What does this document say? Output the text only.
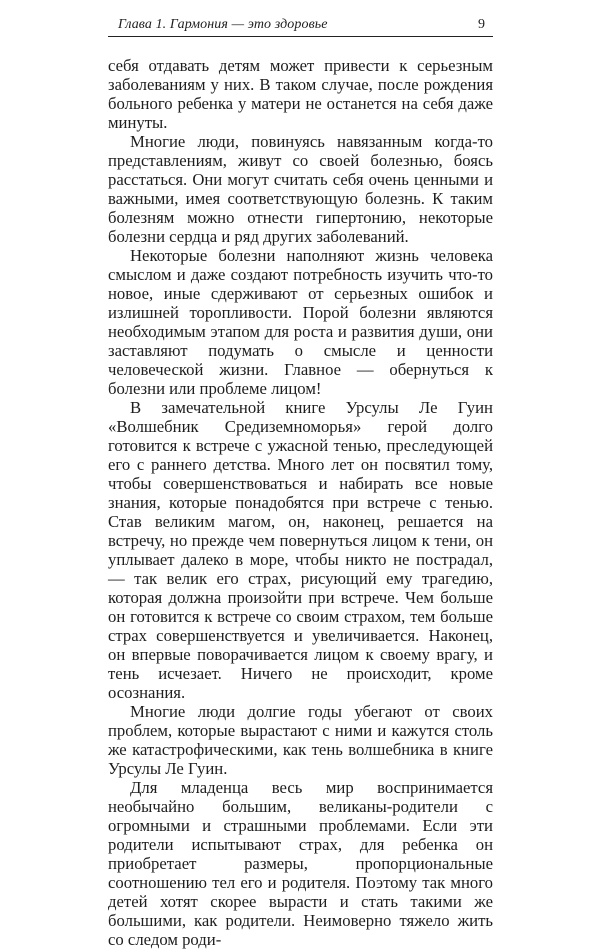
Глава 1. Гармония — это здоровье	9

себя отдавать детям может привести к серьезным заболеваниям у них. В таком случае, после рождения больного ребенка у матери не останется на себя даже минуты.

Многие люди, повинуясь навязанным когда-то представлениям, живут со своей болезнью, боясь расстаться. Они могут считать себя очень ценными и важными, имея соответствующую болезнь. К таким болезням можно отнести гипертонию, некоторые болезни сердца и ряд других заболеваний.

Некоторые болезни наполняют жизнь человека смыслом и даже создают потребность изучить что-то новое, иные сдерживают от серьезных ошибок и излишней торопливости. Порой болезни являются необходимым этапом для роста и развития души, они заставляют подумать о смысле и ценности человеческой жизни. Главное — обернуться к болезни или проблеме лицом!

В замечательной книге Урсулы Ле Гуин «Волшебник Средиземноморья» герой долго готовится к встрече с ужасной тенью, преследующей его с раннего детства. Много лет он посвятил тому, чтобы совершенствоваться и набирать все новые знания, которые понадобятся при встрече с тенью. Став великим магом, он, наконец, решается на встречу, но прежде чем повернуться лицом к тени, он уплывает далеко в море, чтобы никто не пострадал, — так велик его страх, рисующий ему трагедию, которая должна произойти при встрече. Чем больше он готовится к встрече со своим страхом, тем больше страх совершенствуется и увеличивается. Наконец, он впервые поворачивается лицом к своему врагу, и тень исчезает. Ничего не происходит, кроме осознания.

Многие люди долгие годы убегают от своих проблем, которые вырастают с ними и кажутся столь же катастрофическими, как тень волшебника в книге Урсулы Ле Гуин.

Для младенца весь мир воспринимается необычайно большим, великаны-родители с огромными и страшными проблемами. Если эти родители испытывают страх, для ребенка он приобретает размеры, пропорциональные соотношению тел его и родителя. Поэтому так много детей хотят скорее вырасти и стать такими же большими, как родители. Неимоверно тяжело жить со следом роди-
